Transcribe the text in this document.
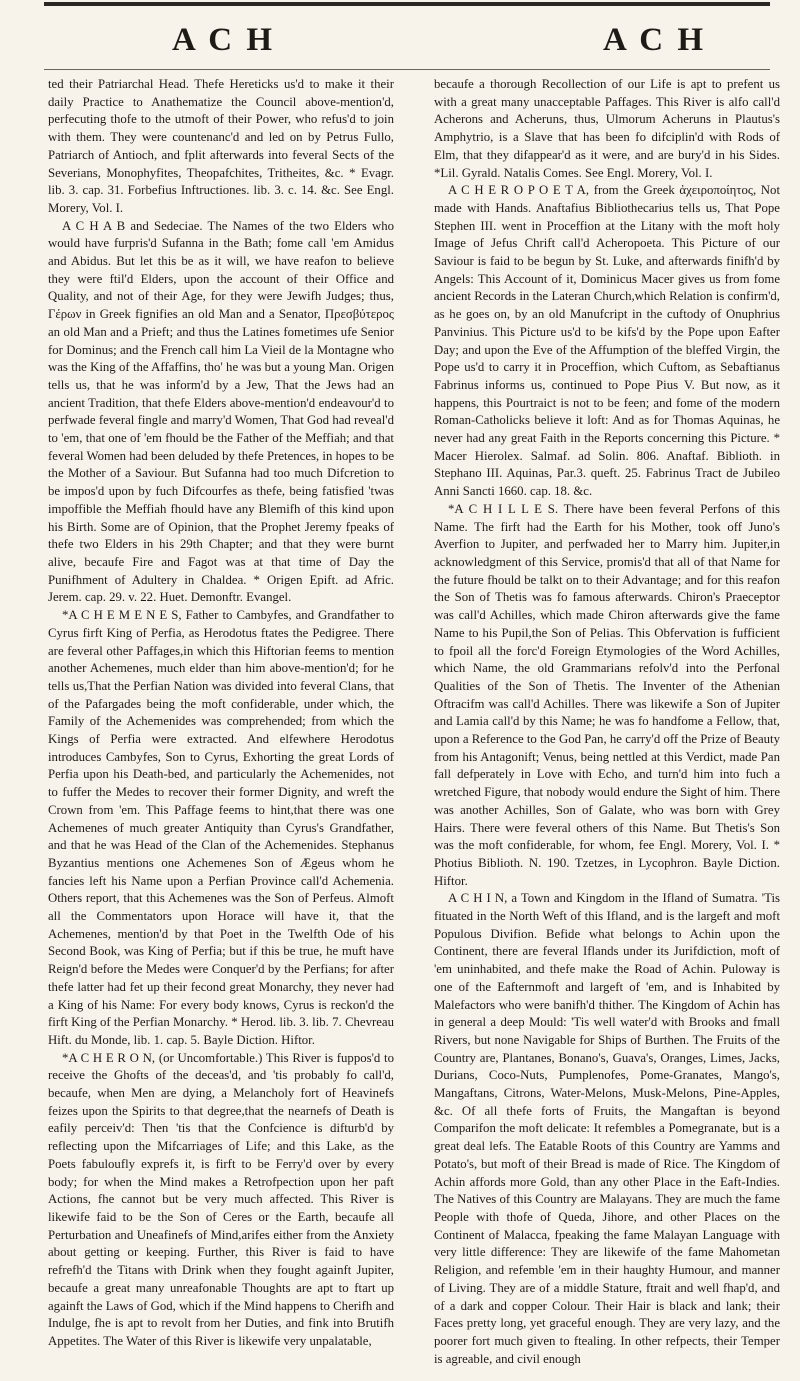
A C H	A C H

ted their Patriarchal Head. Thefe Hereticks us'd to make it their daily Practice to Anathematize the Council above-mention'd, perfecuting thofe to the utmoft of their Power, who refus'd to join with them. They were countenanc'd and led on by Petrus Fullo, Patriarch of Antioch, and fplit afterwards into feveral Sects of the Severians, Monophyfites, Theopafchites, Tritheites, &c. * Evagr. lib. 3. cap. 31. Forbefius Inftructiones. lib. 3. c. 14. &c. See Engl. Morery, Vol. I.

A C H A B and Sedeciae. The Names of the two Elders who would have furpris'd Sufanna in the Bath; fome call 'em Amidus and Abidus. But let this be as it will, we have reafon to believe they were ftil'd Elders, upon the account of their Office and Quality, and not of their Age, for they were Jewifh Judges; thus, Γέρων in Greek fignifies an old Man and a Senator, Πρεσβύτερος an old Man and a Prieft; and thus the Latines fometimes ufe Senior for Dominus; and the French call him La Vieil de la Montagne who was the King of the Affaffins, tho' he was but a young Man. Origen tells us, that he was inform'd by a Jew, That the Jews had an ancient Tradition, that thefe Elders above-mention'd endeavour'd to perfwade feveral fingle and marry'd Women, That God had reveal'd to 'em, that one of 'em fhould be the Father of the Meffiah; and that feveral Women had been deluded by thefe Pretences, in hopes to be the Mother of a Saviour. But Sufanna had too much Difcretion to be impos'd upon by fuch Difcourfes as thefe, being fatisfied 'twas impoffible the Meffiah fhould have any Blemifh of this kind upon his Birth. Some are of Opinion, that the Prophet Jeremy fpeaks of thefe two Elders in his 29th Chapter; and that they were burnt alive, becaufe Fire and Fagot was at that time of Day the Punifhment of Adultery in Chaldea. * Origen Epift. ad Afric. Jerem. cap. 29. v. 22. Huet. Demonftr. Evangel.

*A C H E M E N E S, Father to Cambyfes, and Grandfather to Cyrus firft King of Perfia, as Herodotus ftates the Pedigree. There are feveral other Paffages,in which this Hiftorian feems to mention another Achemenes, much elder than him above-mention'd; for he tells us,That the Perfian Nation was divided into feveral Clans, that of the Pafargades being the moft confiderable, under which, the Family of the Achemenides was comprehended; from which the Kings of Perfia were extracted. And elfewhere Herodotus introduces Cambyfes, Son to Cyrus, Exhorting the great Lords of Perfia upon his Death-bed, and particularly the Achemenides, not to fuffer the Medes to recover their former Dignity, and wreft the Crown from 'em. This Paffage feems to hint,that there was one Achemenes of much greater Antiquity than Cyrus's Grandfather, and that he was Head of the Clan of the Achemenides. Stephanus Byzantius mentions one Achemenes Son of Ægeus whom he fancies left his Name upon a Perfian Province call'd Achemenia. Others report, that this Achemenes was the Son of Perfeus. Almoft all the Commentators upon Horace will have it, that the Achemenes, mention'd by that Poet in the Twelfth Ode of his Second Book, was King of Perfia; but if this be true, he muft have Reign'd before the Medes were Conquer'd by the Perfians; for after thefe latter had fet up their fecond great Monarchy, they never had a King of his Name: For every body knows, Cyrus is reckon'd the firft King of the Perfian Monarchy. * Herod. lib. 3. lib. 7. Chevreau Hift. du Monde, lib. 1. cap. 5. Bayle Diction. Hiftor.

*A C H E R O N, (or Uncomfortable.) This River is fuppos'd to receive the Ghofts of the deceas'd, and 'tis probably fo call'd, becaufe, when Men are dying, a Melancholy fort of Heavinefs feizes upon the Spirits to that degree,that the nearnefs of Death is eafily perceiv'd: Then 'tis that the Confcience is difturb'd by reflecting upon the Mifcarriages of Life; and this Lake, as the Poets fabuloufly exprefs it, is firft to be Ferry'd over by every body; for when the Mind makes a Retrofpection upon her paft Actions, fhe cannot but be very much affected. This River is likewife faid to be the Son of Ceres or the Earth, becaufe all Perturbation and Uneafinefs of Mind,arifes either from the Anxiety about getting or keeping. Further, this River is faid to have refrefh'd the Titans with Drink when they fought againft Jupiter, becaufe a great many unreafonable Thoughts are apt to ftart up againft the Laws of God, which if the Mind happens to Cherifh and Indulge, fhe is apt to revolt from her Duties, and fink into Brutifh Appetites. The Water of this River is likewife very unpalatable,

becaufe a thorough Recollection of our Life is apt to prefent us with a great many unacceptable Paffages. This River is alfo call'd Acherons and Acheruns, thus, Ulmorum Acheruns in Plautus's Amphytrio, is a Slave that has been fo difciplin'd with Rods of Elm, that they difappear'd as it were, and are bury'd in his Sides. *Lil. Gyrald. Natalis Comes. See Engl. Morery, Vol. I.

A C H E R O P O E T A, from the Greek ἀχειροποίητος, Not made with Hands. Anaftafius Bibliothecarius tells us, That Pope Stephen III. went in Proceffion at the Litany with the moft holy Image of Jefus Chrift call'd Acheropoeta. This Picture of our Saviour is faid to be begun by St. Luke, and afterwards finifh'd by Angels: This Account of it, Dominicus Macer gives us from fome ancient Records in the Lateran Church,which Relation is confirm'd, as he goes on, by an old Manufcript in the cuftody of Onuphrius Panvinius. This Picture us'd to be kifs'd by the Pope upon Eafter Day; and upon the Eve of the Affumption of the bleffed Virgin, the Pope us'd to carry it in Proceffion, which Cuftom, as Sebaftianus Fabrinus informs us, continued to Pope Pius V. But now, as it happens, this Pourtraict is not to be feen; and fome of the modern Roman-Catholicks believe it loft: And as for Thomas Aquinas, he never had any great Faith in the Reports concerning this Picture. * Macer Hierolex. Salmaf. ad Solin. 806. Anaftaf. Biblioth. in Stephano III. Aquinas, Par.3. queft. 25. Fabrinus Tract de Jubileo Anni Sancti 1660. cap. 18. &c.

*A C H I L L E S. There have been feveral Perfons of this Name. The firft had the Earth for his Mother, took off Juno's Averfion to Jupiter, and perfwaded her to Marry him. Jupiter,in acknowledgment of this Service, promis'd that all of that Name for the future fhould be talkt on to their Advantage; and for this reafon the Son of Thetis was fo famous afterwards. Chiron's Praeceptor was call'd Achilles, which made Chiron afterwards give the fame Name to his Pupil,the Son of Pelias. This Obfervation is fufficient to fpoil all the forc'd Foreign Etymologies of the Word Achilles, which Name, the old Grammarians refolv'd into the Perfonal Qualities of the Son of Thetis. The Inventer of the Athenian Oftracifm was call'd Achilles. There was likewife a Son of Jupiter and Lamia call'd by this Name; he was fo handfome a Fellow, that, upon a Reference to the God Pan, he carry'd off the Prize of Beauty from his Antagonift; Venus, being nettled at this Verdict, made Pan fall defperately in Love with Echo, and turn'd him into fuch a wretched Figure, that nobody would endure the Sight of him. There was another Achilles, Son of Galate, who was born with Grey Hairs. There were feveral others of this Name. But Thetis's Son was the moft confiderable, for whom, fee Engl. Morery, Vol. I. * Photius Biblioth. N. 190. Tzetzes, in Lycophron. Bayle Diction. Hiftor.

A C H I N, a Town and Kingdom in the Ifland of Sumatra. 'Tis fituated in the North Weft of this Ifland, and is the largeft and moft Populous Divifion. Befide what belongs to Achin upon the Continent, there are feveral Iflands under its Jurifdiction, moft of 'em uninhabited, and thefe make the Road of Achin. Puloway is one of the Eafternmoft and largeft of 'em, and is Inhabited by Malefactors who were banifh'd thither. The Kingdom of Achin has in general a deep Mould: 'Tis well water'd with Brooks and fmall Rivers, but none Navigable for Ships of Burthen. The Fruits of the Country are, Plantanes, Bonano's, Guava's, Oranges, Limes, Jacks, Durians, Coco-Nuts, Pumplenofes, Pome-Granates, Mango's, Mangaftans, Citrons, Water-Melons, Musk-Melons, Pine-Apples, &c. Of all thefe forts of Fruits, the Mangaftan is beyond Comparifon the moft delicate: It refembles a Pomegranate, but is a great deal lefs. The Eatable Roots of this Country are Yamms and Potato's, but moft of their Bread is made of Rice. The Kingdom of Achin affords more Gold, than any other Place in the Eaft-Indies. The Natives of this Country are Malayans. They are much the fame People with thofe of Queda, Jihore, and other Places on the Continent of Malacca, fpeaking the fame Malayan Language with very little difference: They are likewife of the fame Mahometan Religion, and refemble 'em in their haughty Humour, and manner of Living. They are of a middle Stature, ftrait and well fhap'd, and of a dark and copper Colour. Their Hair is black and lank; their Faces pretty long, yet graceful enough. They are very lazy, and the poorer fort much given to ftealing. In other refpects, their Temper is agreable, and civil enough
